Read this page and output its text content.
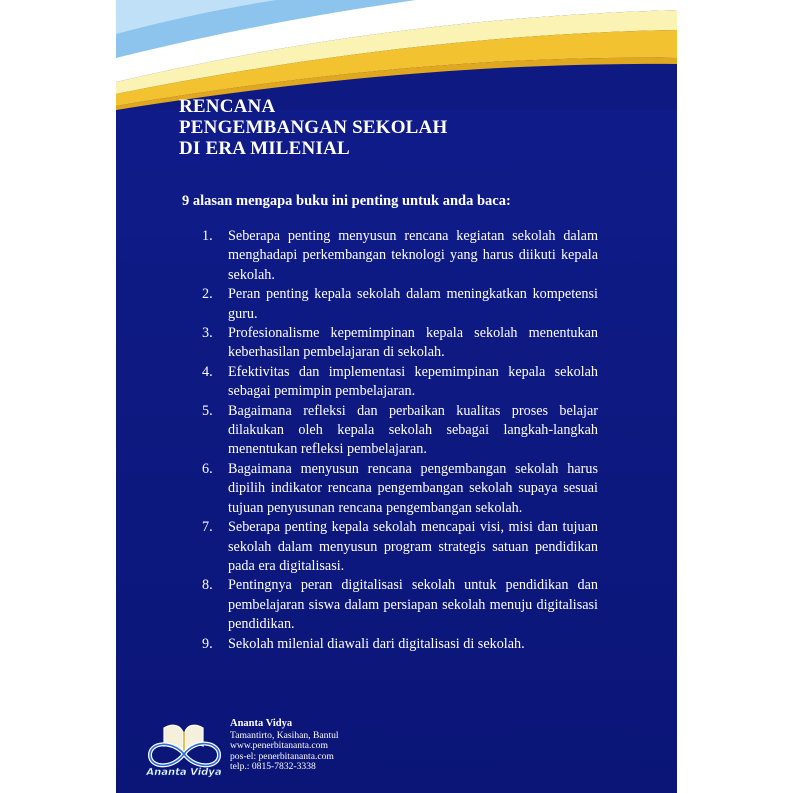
RENCANA
PENGEMBANGAN SEKOLAH
DI ERA MILENIAL

9 alasan mengapa buku ini penting untuk anda baca:

1. Seberapa penting menyusun rencana kegiatan sekolah dalam menghadapi perkembangan teknologi yang harus diikuti kepala sekolah.
2. Peran penting kepala sekolah dalam meningkatkan kompetensi guru.
3. Profesionalisme kepemimpinan kepala sekolah menentukan keberhasilan pembelajaran di sekolah.
4. Efektivitas dan implementasi kepemimpinan kepala sekolah sebagai pemimpin pembelajaran.
5. Bagaimana refleksi dan perbaikan kualitas proses belajar dilakukan oleh kepala sekolah sebagai langkah-langkah menentukan refleksi pembelajaran.
6. Bagaimana menyusun rencana pengembangan sekolah harus dipilih indikator rencana pengembangan sekolah supaya sesuai tujuan penyusunan rencana pengembangan sekolah.
7. Seberapa penting kepala sekolah mencapai visi, misi dan tujuan sekolah dalam menyusun program strategis satuan pendidikan pada era digitalisasi.
8. Pentingnya peran digitalisasi sekolah untuk pendidikan dan pembelajaran siswa dalam persiapan sekolah menuju digitalisasi pendidikan.
9. Sekolah milenial diawali dari digitalisasi di sekolah.
Ananta Vidya
Ananta Vidya
Tamantirto, Kasihan, Bantul
www.penerbitananta.com
pos-el: penerbitananta.com
telp.: 0815-7832-3338
